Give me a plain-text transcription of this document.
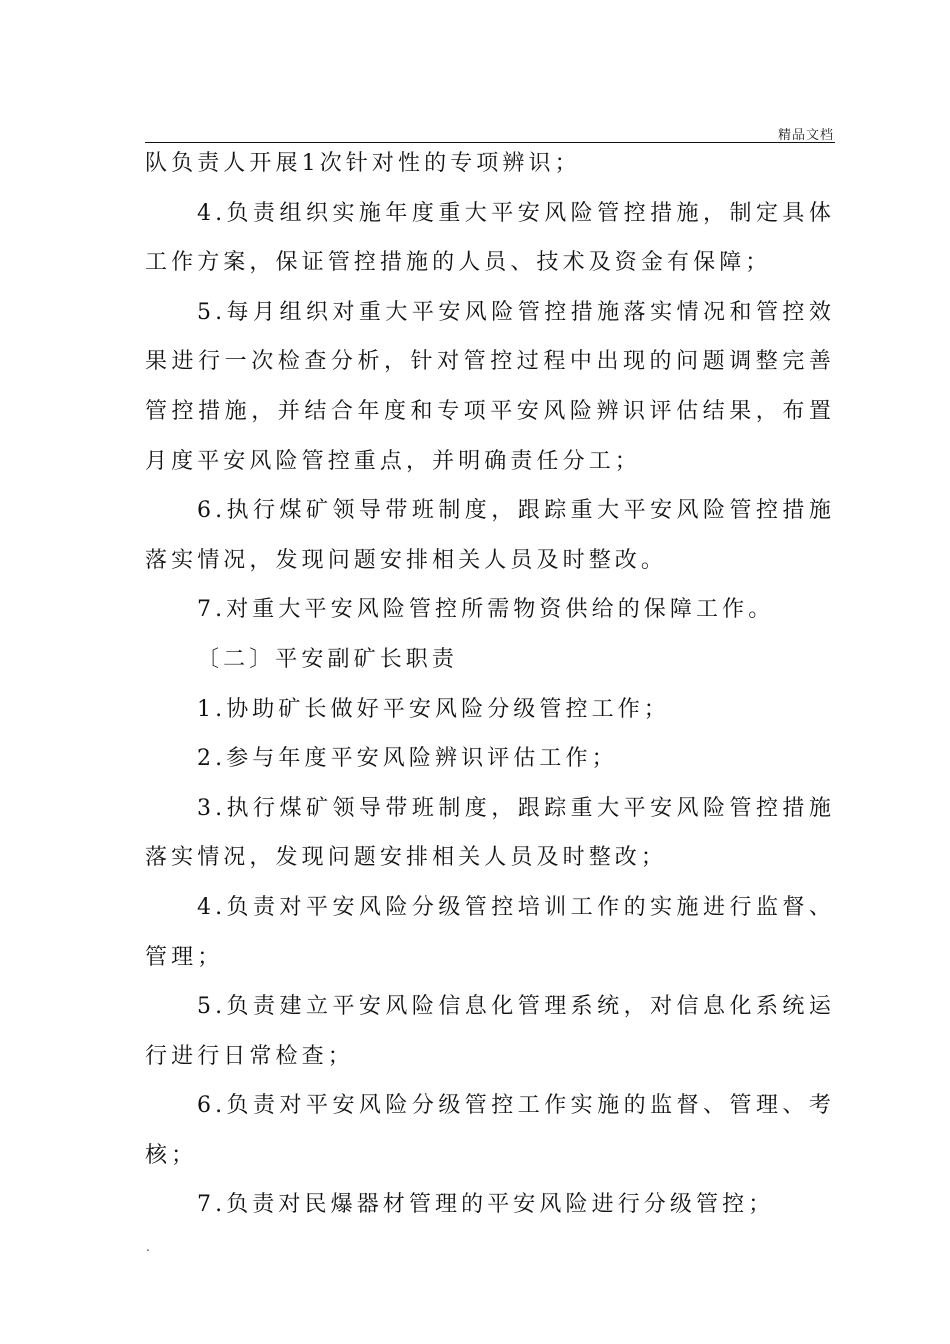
精品文档

队负责人开展1次针对性的专项辨识；

4.负责组织实施年度重大平安风险管控措施，制定具体工作方案，保证管控措施的人员、技术及资金有保障；

5.每月组织对重大平安风险管控措施落实情况和管控效果进行一次检查分析，针对管控过程中出现的问题调整完善管控措施，并结合年度和专项平安风险辨识评估结果，布置月度平安风险管控重点，并明确责任分工；

6.执行煤矿领导带班制度，跟踪重大平安风险管控措施落实情况，发现问题安排相关人员及时整改。

7.对重大平安风险管控所需物资供给的保障工作。

〔二〕平安副矿长职责

1.协助矿长做好平安风险分级管控工作；

2.参与年度平安风险辨识评估工作；

3.执行煤矿领导带班制度，跟踪重大平安风险管控措施落实情况，发现问题安排相关人员及时整改；

4.负责对平安风险分级管控培训工作的实施进行监督、管理；

5.负责建立平安风险信息化管理系统，对信息化系统运行进行日常检查；

6.负责对平安风险分级管控工作实施的监督、管理、考核；

7.负责对民爆器材管理的平安风险进行分级管控；

.
